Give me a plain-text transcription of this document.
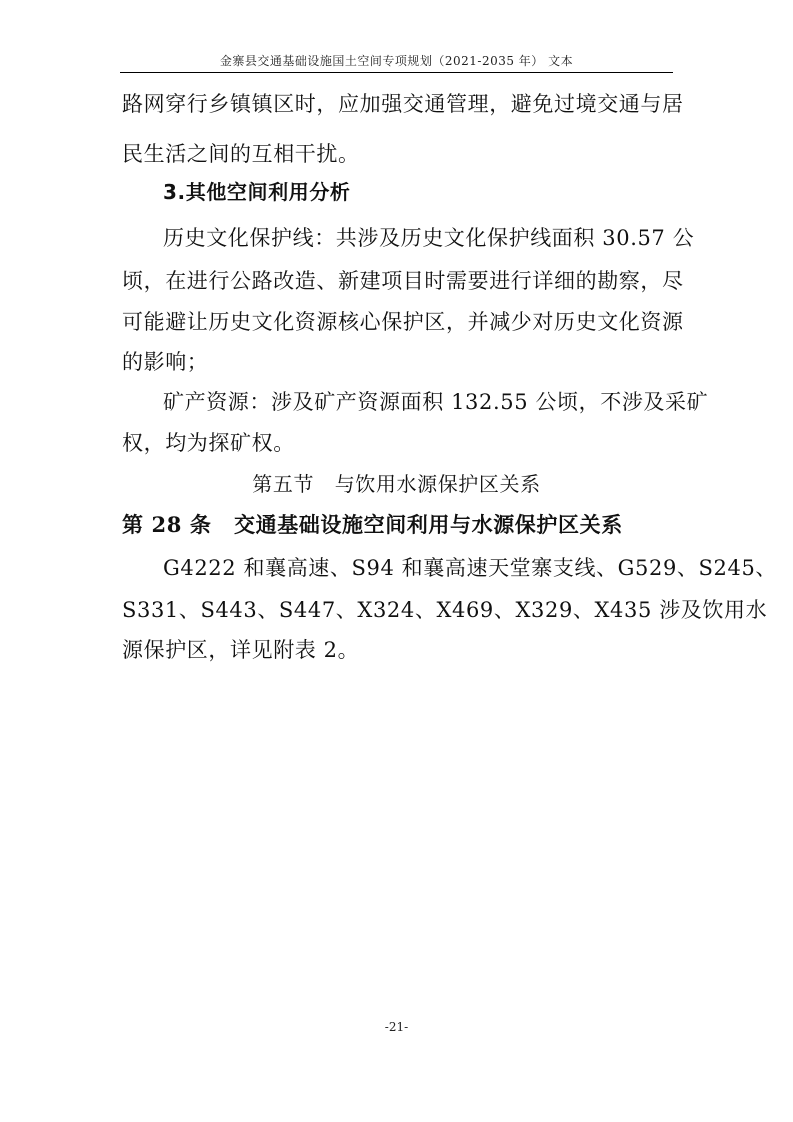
金寨县交通基础设施国土空间专项规划（2021-2035 年） 文本
路网穿行乡镇镇区时，应加强交通管理，避免过境交通与居
民生活之间的互相干扰。
3.其他空间利用分析
历史文化保护线：共涉及历史文化保护线面积 30.57 公
顷，在进行公路改造、新建项目时需要进行详细的勘察，尽
可能避让历史文化资源核心保护区，并减少对历史文化资源
的影响；
矿产资源：涉及矿产资源面积 132.55 公顷，不涉及采矿
权，均为探矿权。
第五节　与饮用水源保护区关系
第 28 条 交通基础设施空间利用与水源保护区关系
G4222 和襄高速、S94 和襄高速天堂寨支线、G529、S245、
S331、S443、S447、X324、X469、X329、X435 涉及饮用水
源保护区，详见附表 2。
-21-
